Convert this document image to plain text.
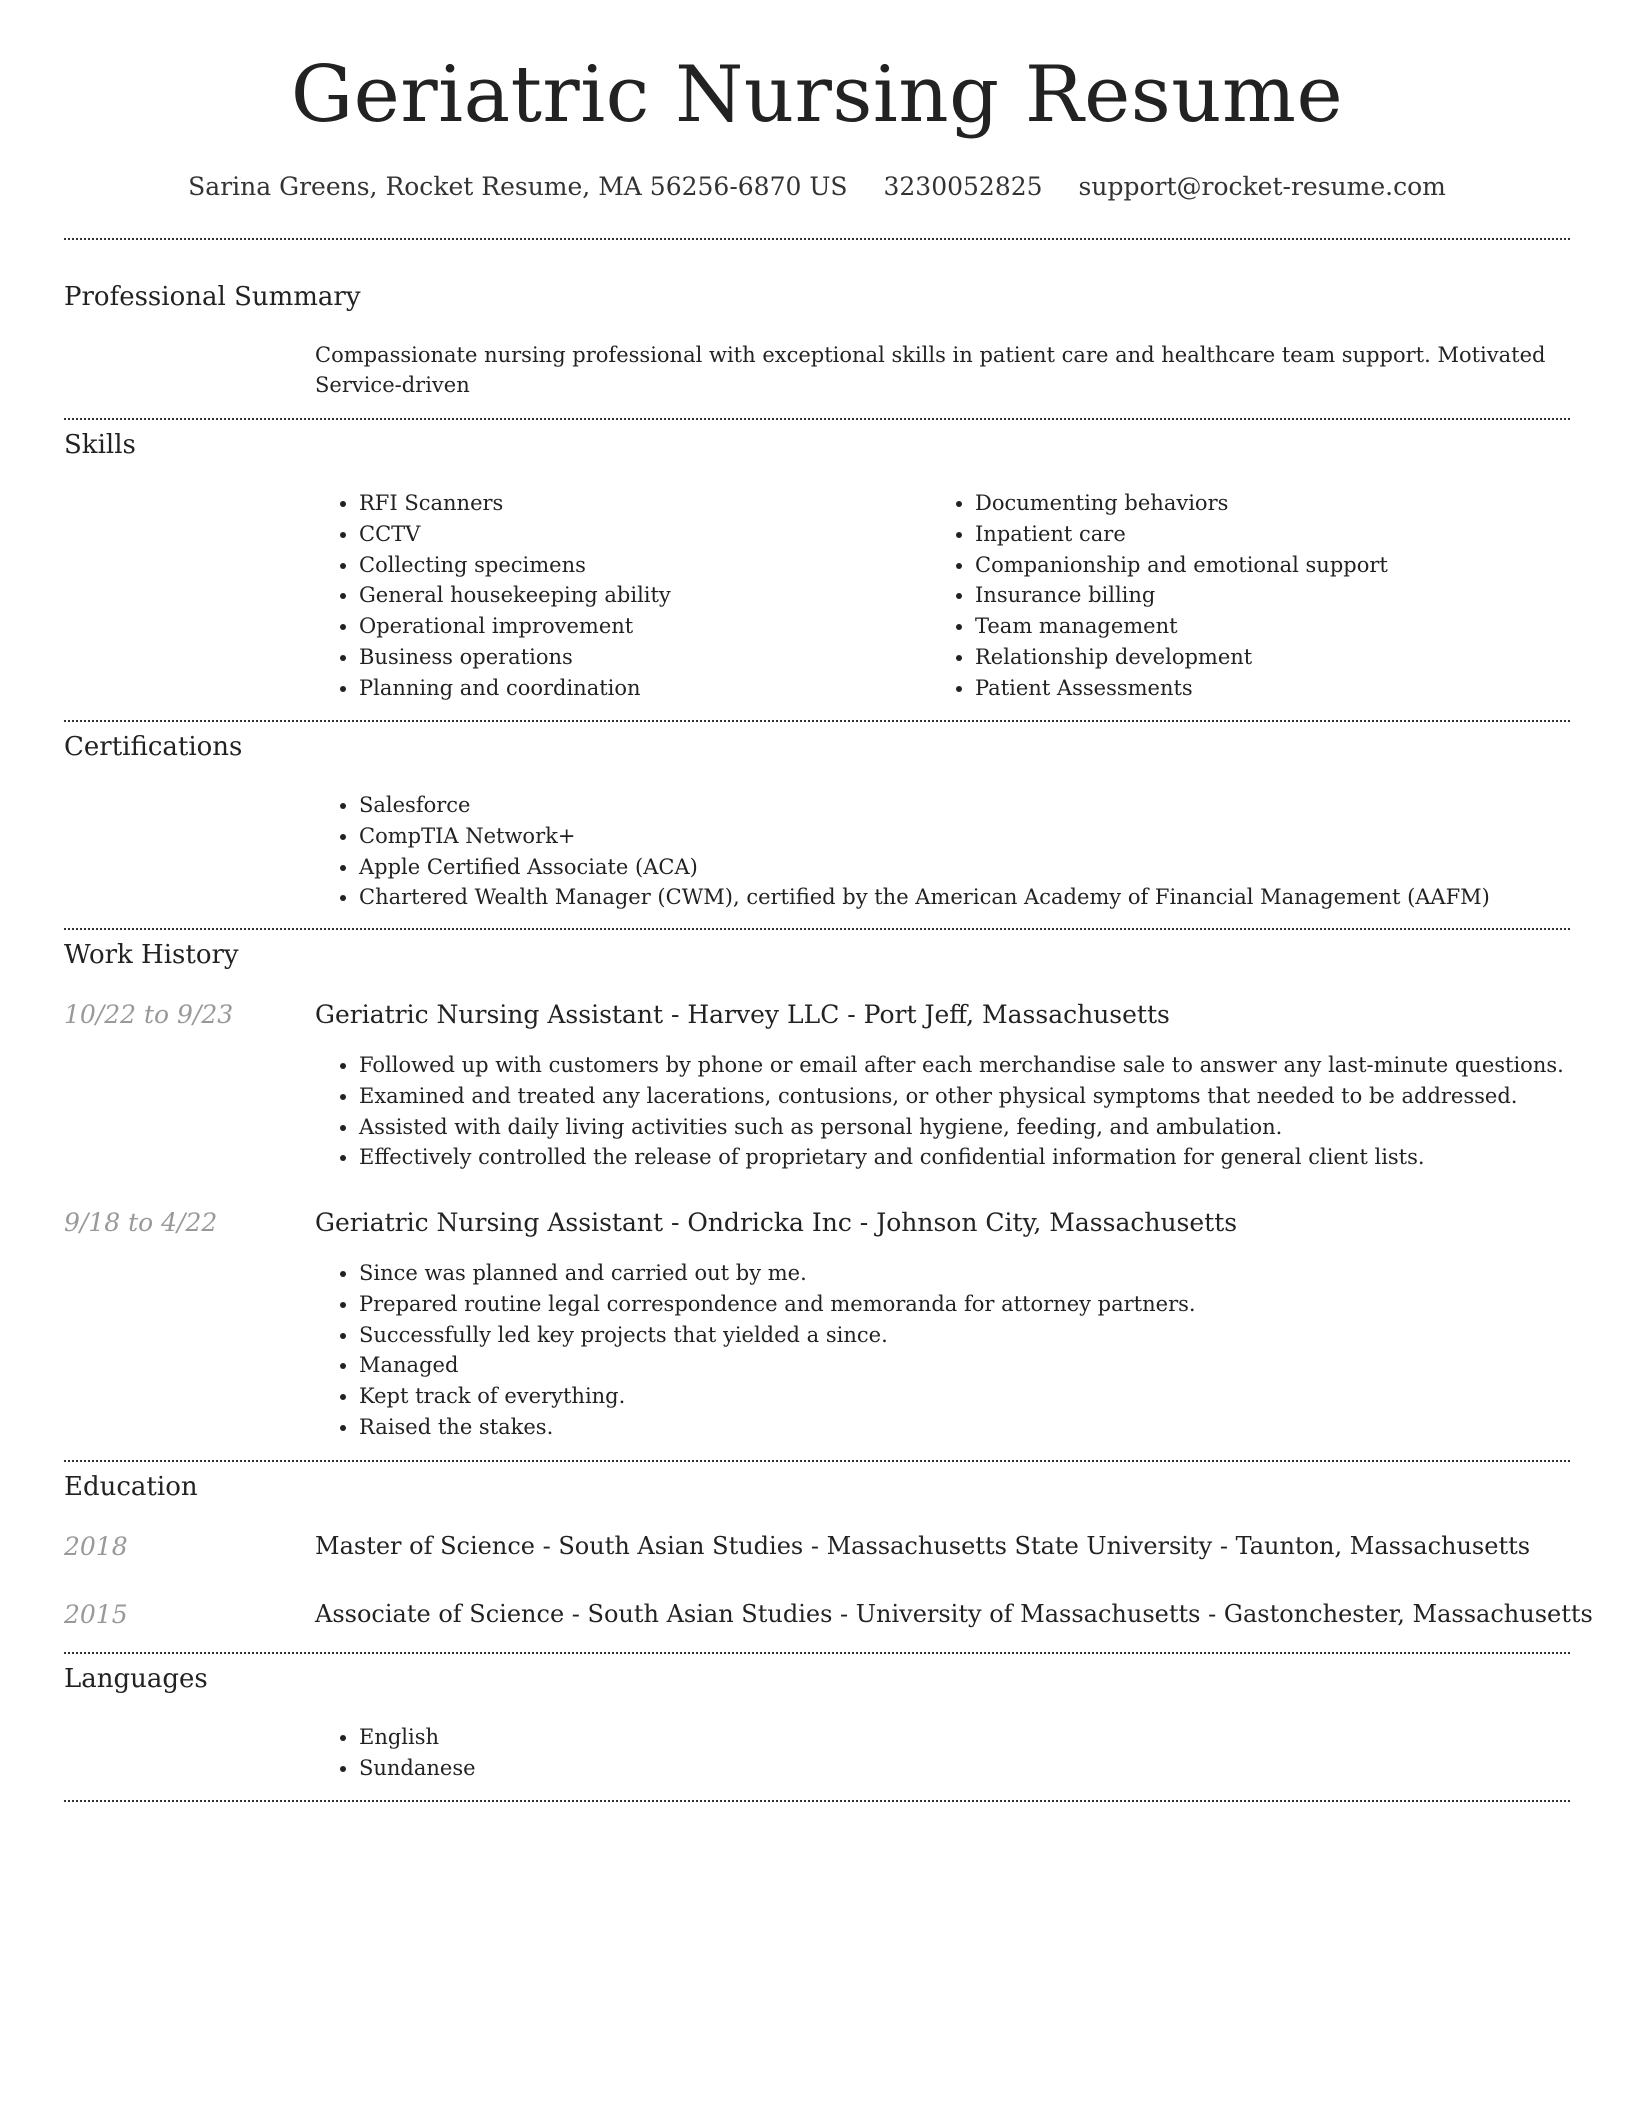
Geriatric Nursing Resume
Sarina Greens, Rocket Resume, MA 56256-6870 US 3230052825 support@rocket-resume.com
Professional Summary
Compassionate nursing professional with exceptional skills in patient care and healthcare team support. Motivated Service-driven
Skills
• RFI Scanners
• CCTV
• Collecting specimens
• General housekeeping ability
• Operational improvement
• Business operations
• Planning and coordination
• Documenting behaviors
• Inpatient care
• Companionship and emotional support
• Insurance billing
• Team management
• Relationship development
• Patient Assessments
Certifications
• Salesforce
• CompTIA Network+
• Apple Certified Associate (ACA)
• Chartered Wealth Manager (CWM), certified by the American Academy of Financial Management (AAFM)
Work History
10/22 to 9/23	Geriatric Nursing Assistant - Harvey LLC - Port Jeff, Massachusetts
• Followed up with customers by phone or email after each merchandise sale to answer any last-minute questions.
• Examined and treated any lacerations, contusions, or other physical symptoms that needed to be addressed.
• Assisted with daily living activities such as personal hygiene, feeding, and ambulation.
• Effectively controlled the release of proprietary and confidential information for general client lists.
9/18 to 4/22	Geriatric Nursing Assistant - Ondricka Inc - Johnson City, Massachusetts
• Since was planned and carried out by me.
• Prepared routine legal correspondence and memoranda for attorney partners.
• Successfully led key projects that yielded a since.
• Managed
• Kept track of everything.
• Raised the stakes.
Education
2018	Master of Science - South Asian Studies - Massachusetts State University - Taunton, Massachusetts
2015	Associate of Science - South Asian Studies - University of Massachusetts - Gastonchester, Massachusetts
Languages
• English
• Sundanese
